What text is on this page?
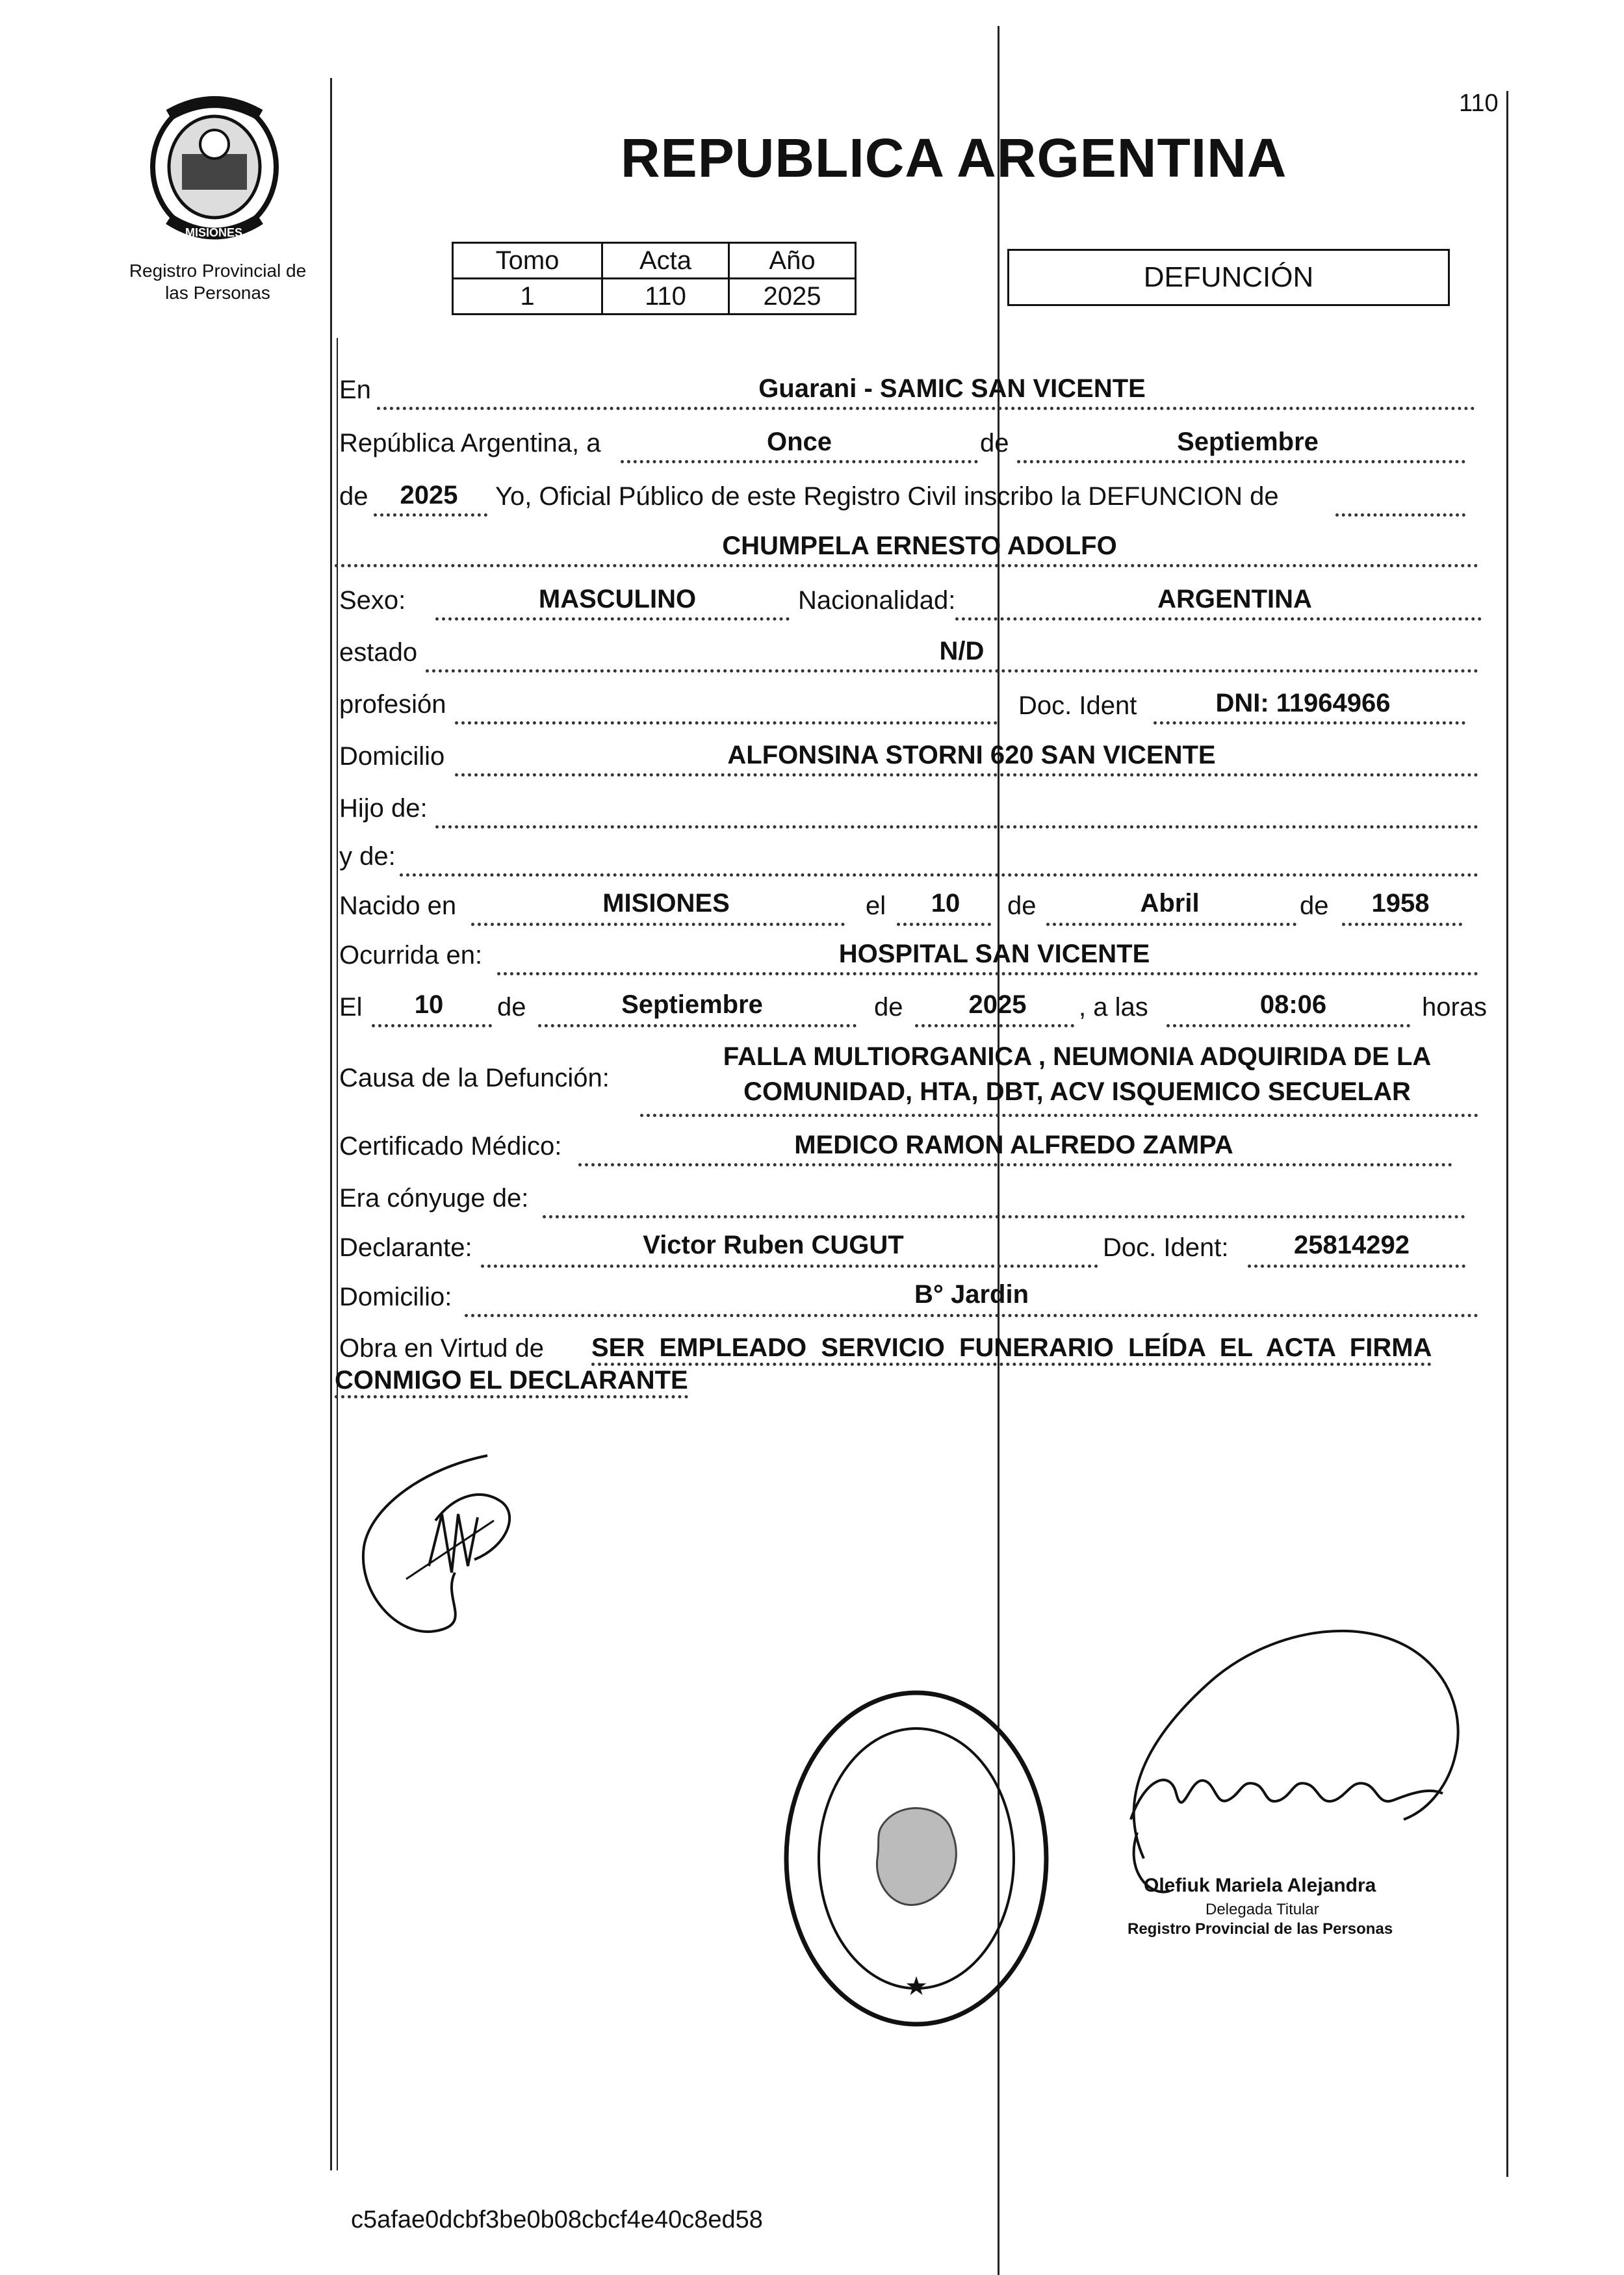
MISIONES
Registro Provincial de las Personas
110
REPUBLICA ARGENTINA
Tomo	Acta	Año
1	110	2025
DEFUNCIÓN
En	Guarani - SAMIC SAN VICENTE
República Argentina, a	Once	de	Septiembre
de	2025	Yo, Oficial Público de este Registro Civil inscribo la DEFUNCION de
CHUMPELA ERNESTO ADOLFO
Sexo:	MASCULINO	Nacionalidad:	ARGENTINA
estado	N/D
profesión	Doc. Ident	DNI: 11964966
Domicilio	ALFONSINA STORNI 620 SAN VICENTE
Hijo de:
y de:
Nacido en	MISIONES	el	10	de	Abril	de	1958
Ocurrida en:	HOSPITAL SAN VICENTE
El	10	de	Septiembre	de	2025	, a las	08:06	horas
Causa de la Defunción:
FALLA MULTIORGANICA , NEUMONIA ADQUIRIDA DE LA
COMUNIDAD, HTA, DBT, ACV ISQUEMICO SECUELAR
Certificado Médico:	MEDICO RAMON ALFREDO ZAMPA
Era cónyuge de:
Declarante:	Victor Ruben CUGUT	Doc. Ident:	25814292
Domicilio:	B° Jardin
Obra en Virtud de SER  EMPLEADO  SERVICIO  FUNERARIO  LEÍDA  EL  ACTA  FIRMA
CONMIGO EL DECLARANTE
★
Olefiuk Mariela Alejandra
Delegada Titular
Registro Provincial de las Personas
c5afae0dcbf3be0b08cbcf4e40c8ed58
